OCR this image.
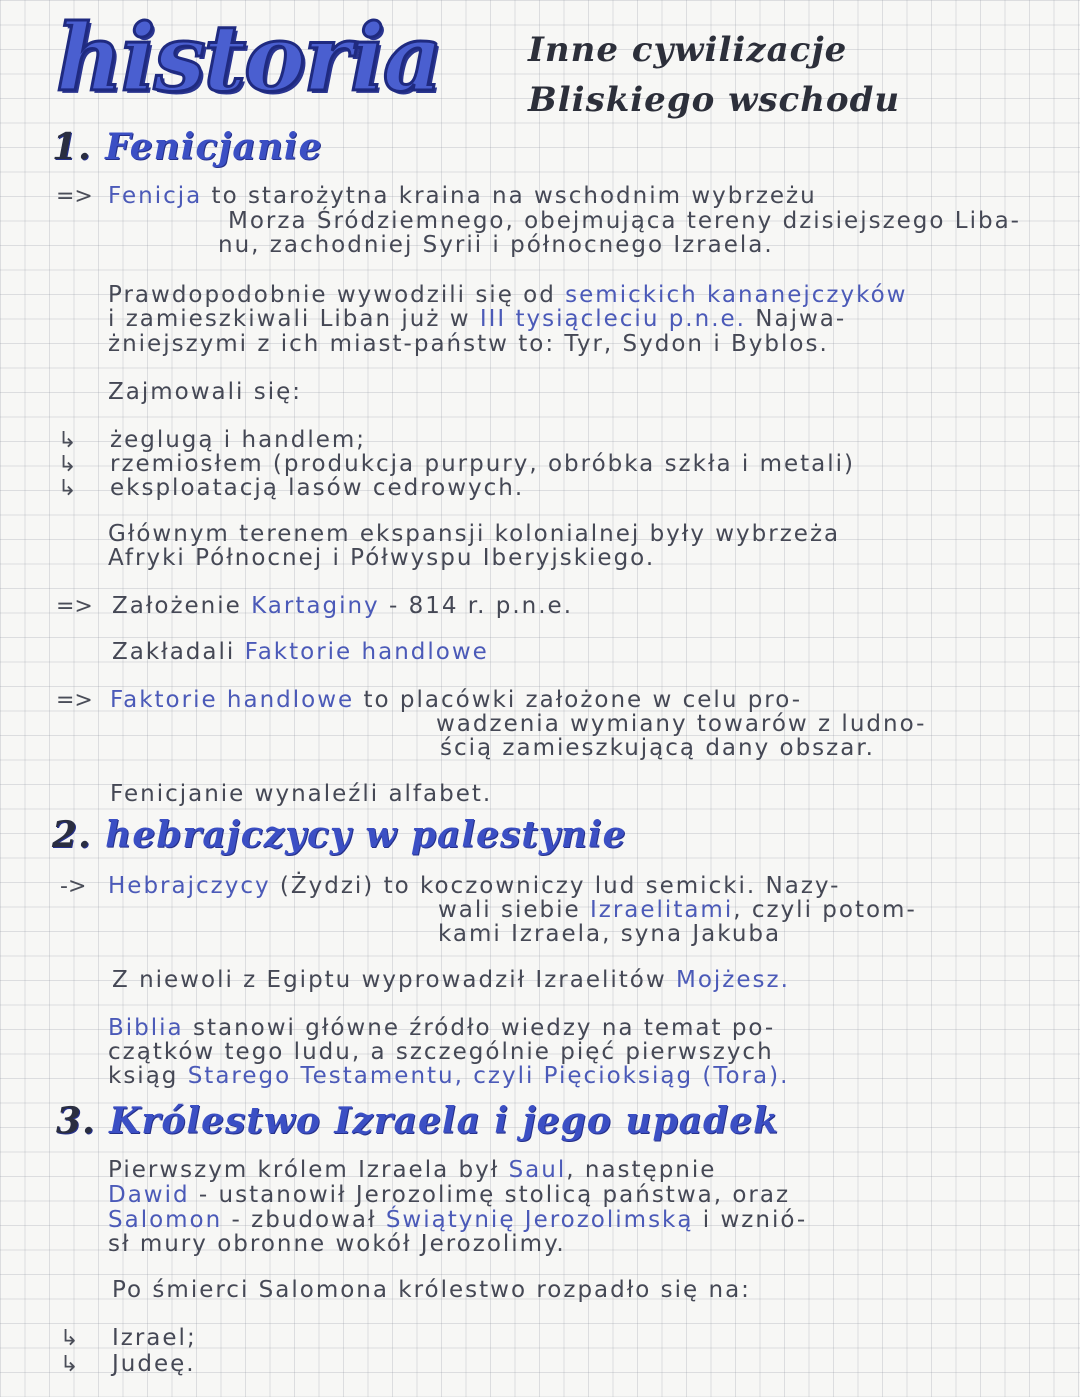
historia	Inne cywilizacje
Bliskiego wschodu
1. Fenicjanie
=> Fenicja to starożytna kraina na wschodnim wybrzeżu
Morza Śródziemnego, obejmująca tereny dzisiejszego Liba-
nu, zachodniej Syrii i północnego Izraela.
Prawdopodobnie wywodzili się od semickich kananejczyków
i zamieszkiwali Liban już w III tysiącleciu p.n.e. Najwa-
żniejszymi z ich miast-państw to: Tyr, Sydon i Byblos.
Zajmowali się:
↳ żeglugą i handlem;
↳ rzemiosłem (produkcja purpury, obróbka szkła i metali)
↳ eksploatacją lasów cedrowych.
Głównym terenem ekspansji kolonialnej były wybrzeża
Afryki Północnej i Półwyspu Iberyjskiego.
=> Założenie Kartaginy - 814 r. p.n.e.
Zakładali Faktorie handlowe
=> Faktorie handlowe to placówki założone w celu pro-
wadzenia wymiany towarów z ludno-
ścią zamieszkującą dany obszar.
Fenicjanie wynaleźli alfabet.
2. hebrajczycy w palestynie
-> Hebrajczycy (Żydzi) to koczowniczy lud semicki. Nazy-
wali siebie Izraelitami, czyli potom-
kami Izraela, syna Jakuba
Z niewoli z Egiptu wyprowadził Izraelitów Mojżesz.
Biblia stanowi główne źródło wiedzy na temat po-
czątków tego ludu, a szczególnie pięć pierwszych
ksiąg Starego Testamentu, czyli Pięcioksiąg (Tora).
3. Królestwo Izraela i jego upadek
Pierwszym królem Izraela był Saul, następnie
Dawid - ustanowił Jerozolimę stolicą państwa, oraz
Salomon - zbudował Świątynię Jerozolimską i wznió-
sł mury obronne wokół Jerozolimy.
Po śmierci Salomona królestwo rozpadło się na:
↳ Izrael;
↳ Judeę.
